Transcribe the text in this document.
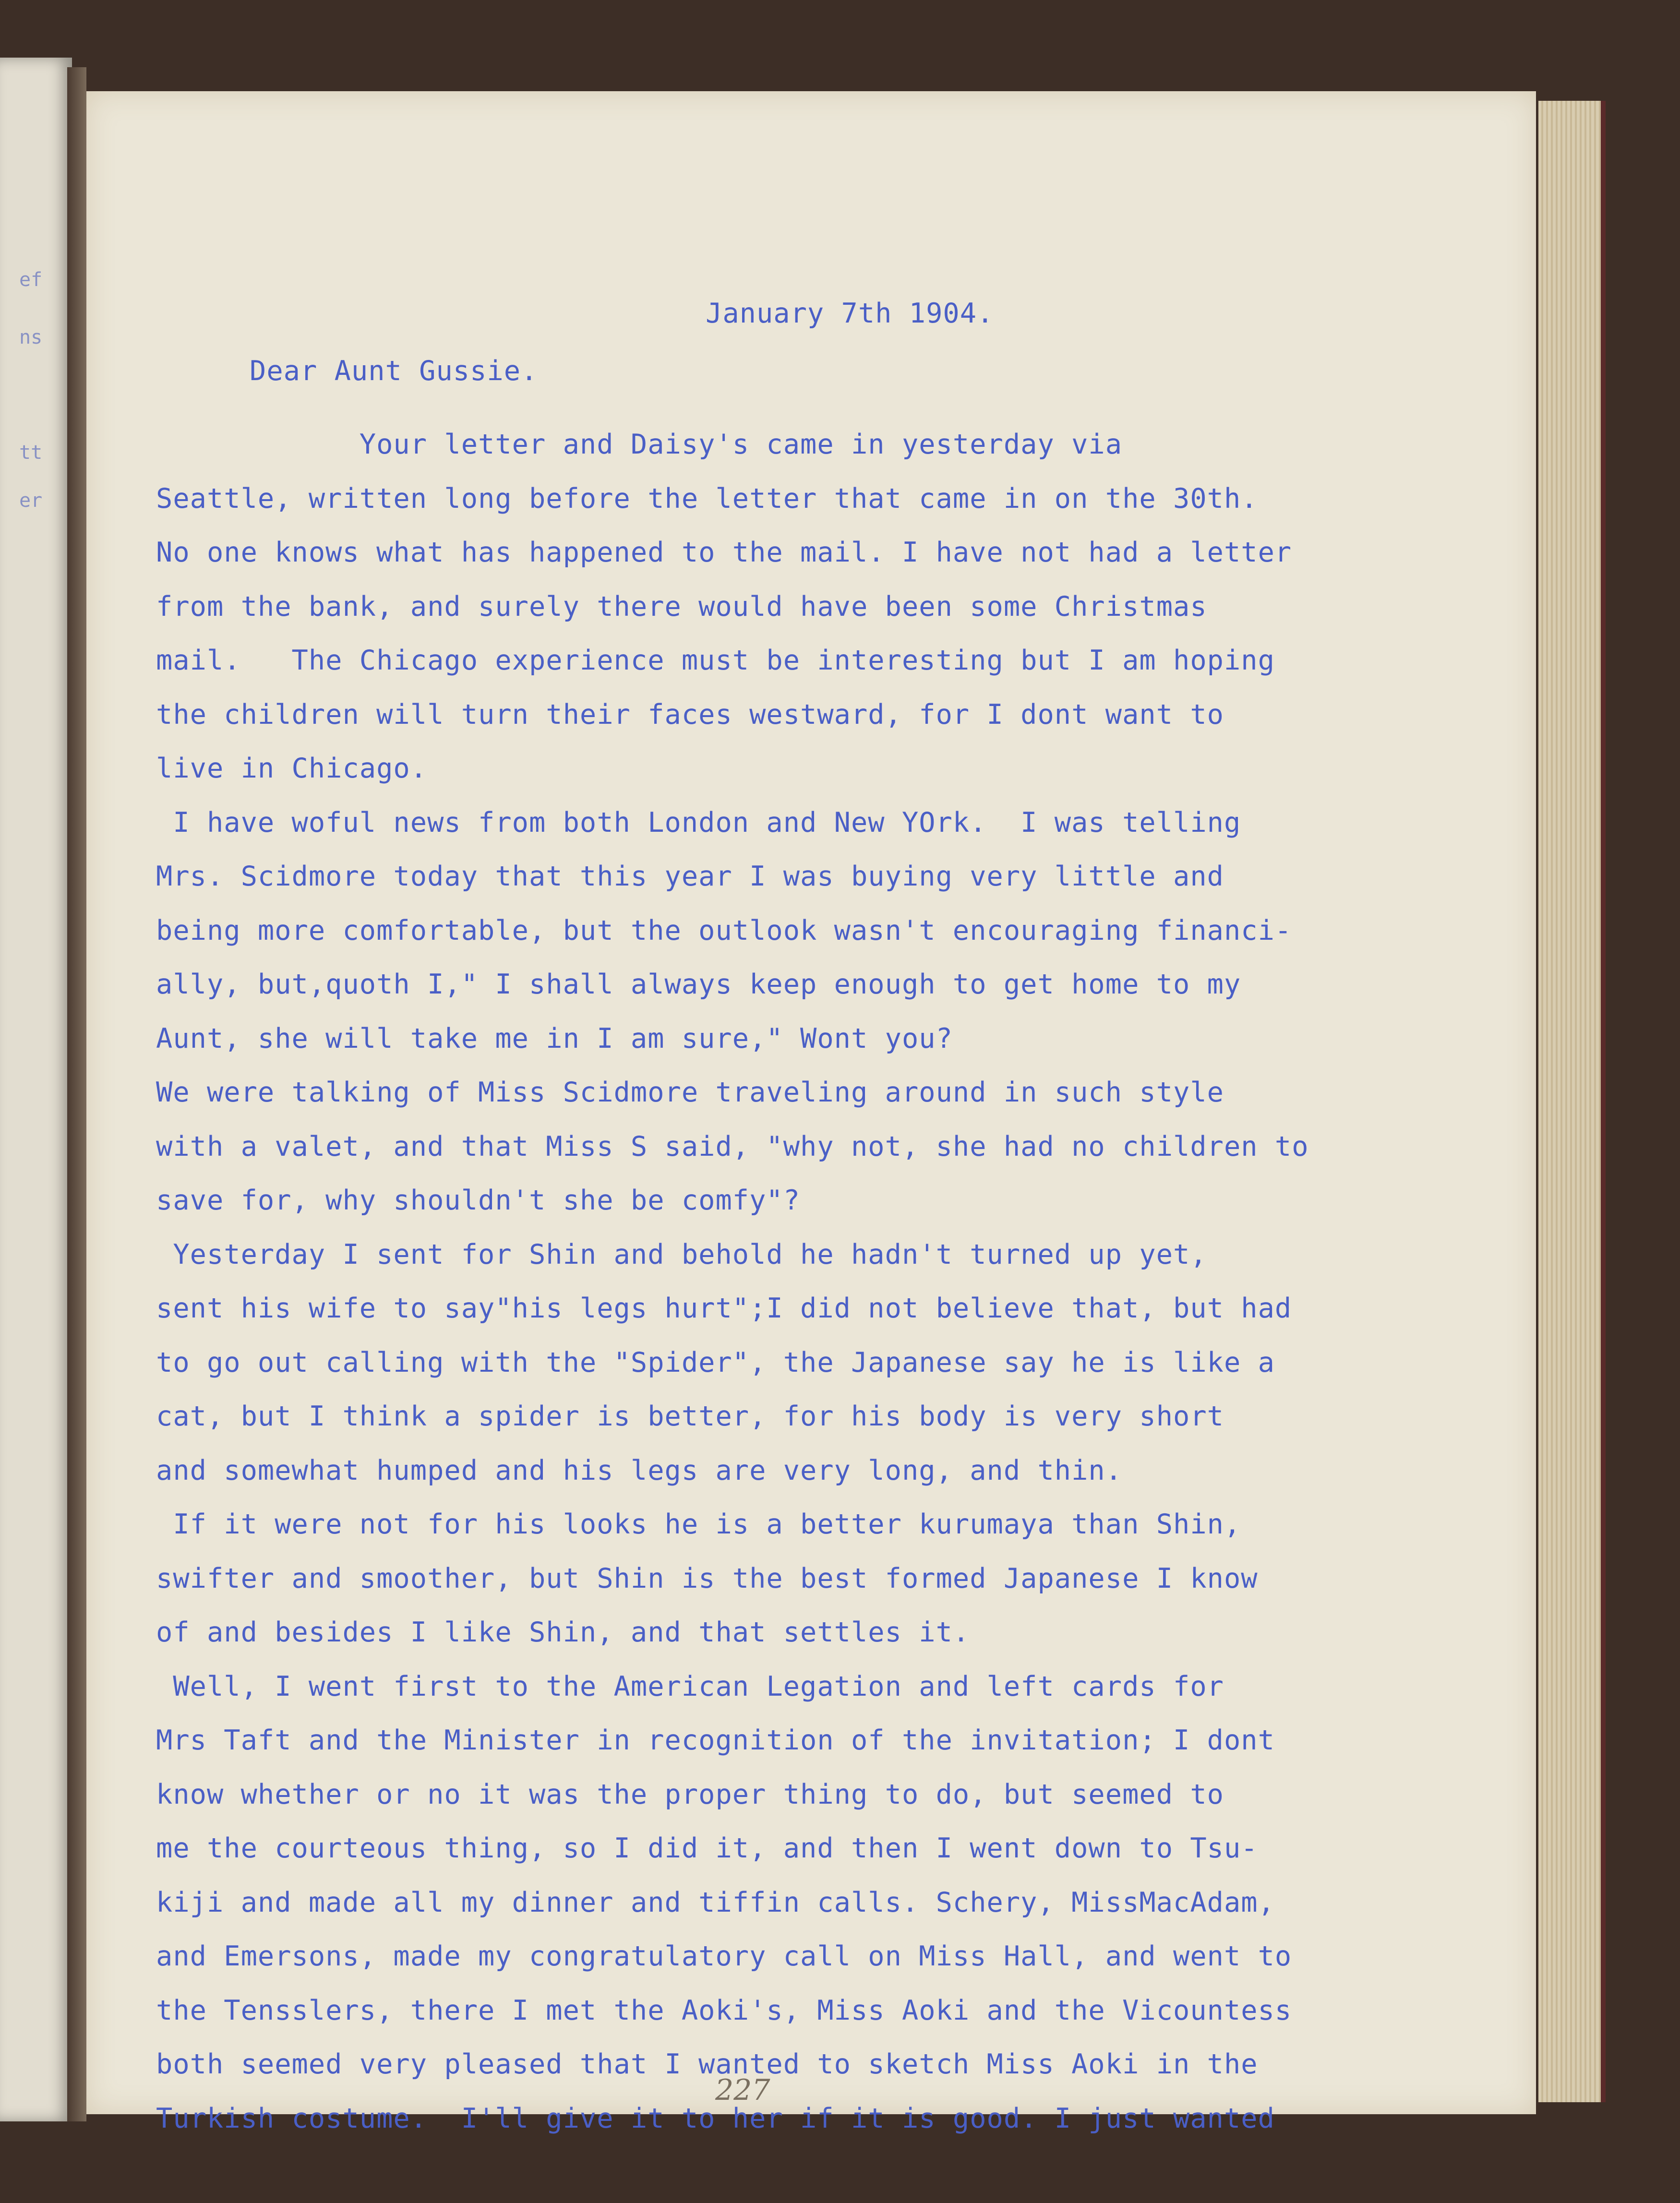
ef
ns
tt
er
January 7th 1904.
Dear Aunt Gussie.
Your letter and Daisy's came in yesterday via
Seattle, written long before the letter that came in on the 30th.
No one knows what has happened to the mail. I have not had a letter
from the bank, and surely there would have been some Christmas
mail.   The Chicago experience must be interesting but I am hoping
the children will turn their faces westward, for I dont want to
live in Chicago.
I have woful news from both London and New YOrk.  I was telling
Mrs. Scidmore today that this year I was buying very little and
being more comfortable, but the outlook wasn't encouraging financi-
ally, but,quoth I," I shall always keep enough to get home to my
Aunt, she will take me in I am sure," Wont you?
We were talking of Miss Scidmore traveling around in such style
with a valet, and that Miss S said, "why not, she had no children to
save for, why shouldn't she be comfy"?
Yesterday I sent for Shin and behold he hadn't turned up yet,
sent his wife to say"his legs hurt";I did not believe that, but had
to go out calling with the "Spider", the Japanese say he is like a
cat, but I think a spider is better, for his body is very short
and somewhat humped and his legs are very long, and thin.
If it were not for his looks he is a better kurumaya than Shin,
swifter and smoother, but Shin is the best formed Japanese I know
of and besides I like Shin, and that settles it.
Well, I went first to the American Legation and left cards for
Mrs Taft and the Minister in recognition of the invitation; I dont
know whether or no it was the proper thing to do, but seemed to
me the courteous thing, so I did it, and then I went down to Tsu-
kiji and made all my dinner and tiffin calls. Schery, MissMacAdam,
and Emersons, made my congratulatory call on Miss Hall, and went to
the Tensslers, there I met the Aoki's, Miss Aoki and the Vicountess
both seemed very pleased that I wanted to sketch Miss Aoki in the
Turkish costume.  I'll give it to her if it is good. I just wanted
227
